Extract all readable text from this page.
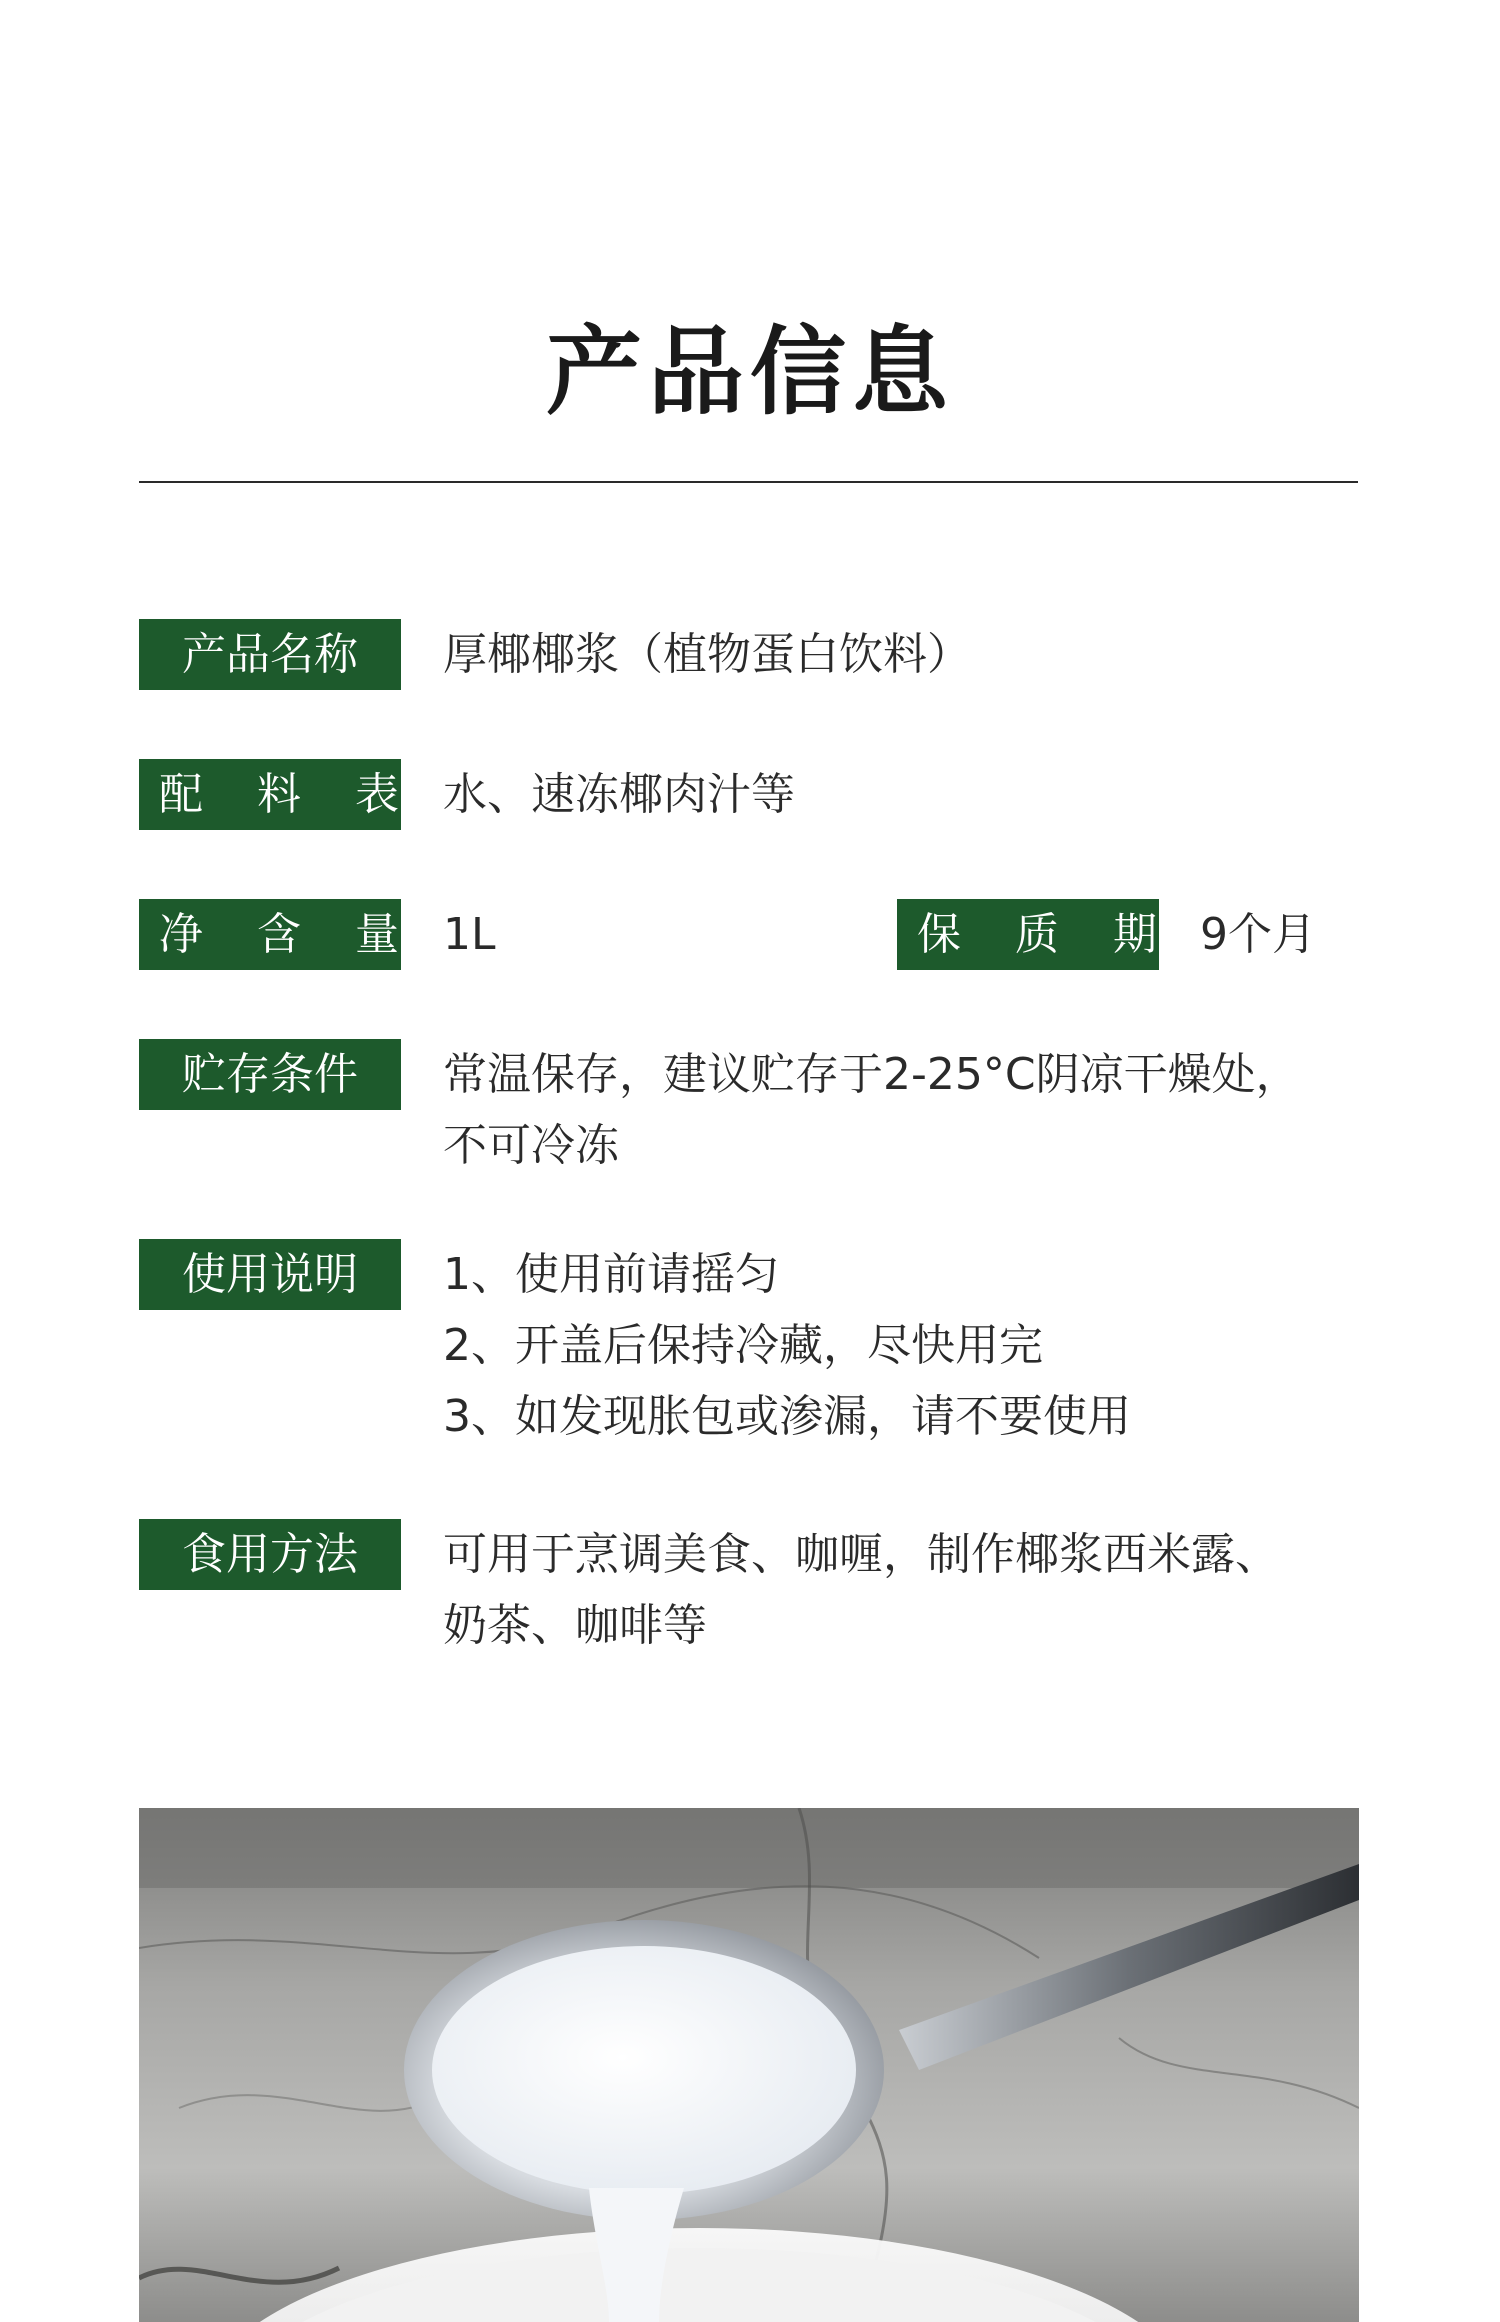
产品信息
产品名称	厚椰椰浆（植物蛋白饮料）
配 料 表 水、速冻椰肉汁等
净 含 量 1L	保 质 期 9个月
贮存条件	常温保存，建议贮存于2-25°C阴凉干燥处，
不可冷冻
使用说明	1、使用前请摇匀
2、开盖后保持冷藏，尽快用完
3、如发现胀包或渗漏，请不要使用
食用方法	可用于烹调美食、咖喱，制作椰浆西米露、
奶茶、咖啡等
